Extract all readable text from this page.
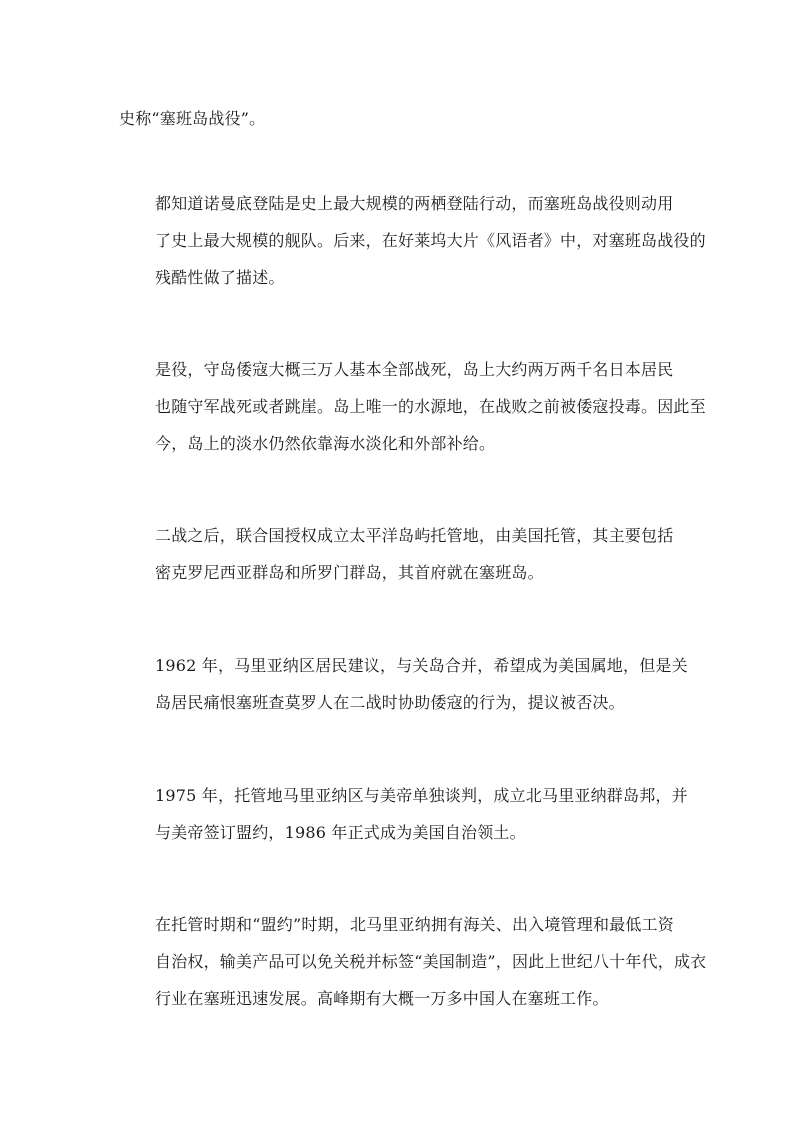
史称“塞班岛战役”。

都知道诺曼底登陆是史上最大规模的两栖登陆行动，而塞班岛战役则动用
了史上最大规模的舰队。后来，在好莱坞大片《风语者》中，对塞班岛战役的
残酷性做了描述。

是役，守岛倭寇大概三万人基本全部战死，岛上大约两万两千名日本居民
也随守军战死或者跳崖。岛上唯一的水源地，在战败之前被倭寇投毒。因此至
今，岛上的淡水仍然依靠海水淡化和外部补给。

二战之后，联合国授权成立太平洋岛屿托管地，由美国托管，其主要包括
密克罗尼西亚群岛和所罗门群岛，其首府就在塞班岛。

1962 年，马里亚纳区居民建议，与关岛合并，希望成为美国属地，但是关
岛居民痛恨塞班查莫罗人在二战时协助倭寇的行为，提议被否决。

1975 年，托管地马里亚纳区与美帝单独谈判，成立北马里亚纳群岛邦，并
与美帝签订盟约，1986 年正式成为美国自治领土。

在托管时期和“盟约”时期，北马里亚纳拥有海关、出入境管理和最低工资
自治权，输美产品可以免关税并标签“美国制造”，因此上世纪八十年代，成衣
行业在塞班迅速发展。高峰期有大概一万多中国人在塞班工作。
